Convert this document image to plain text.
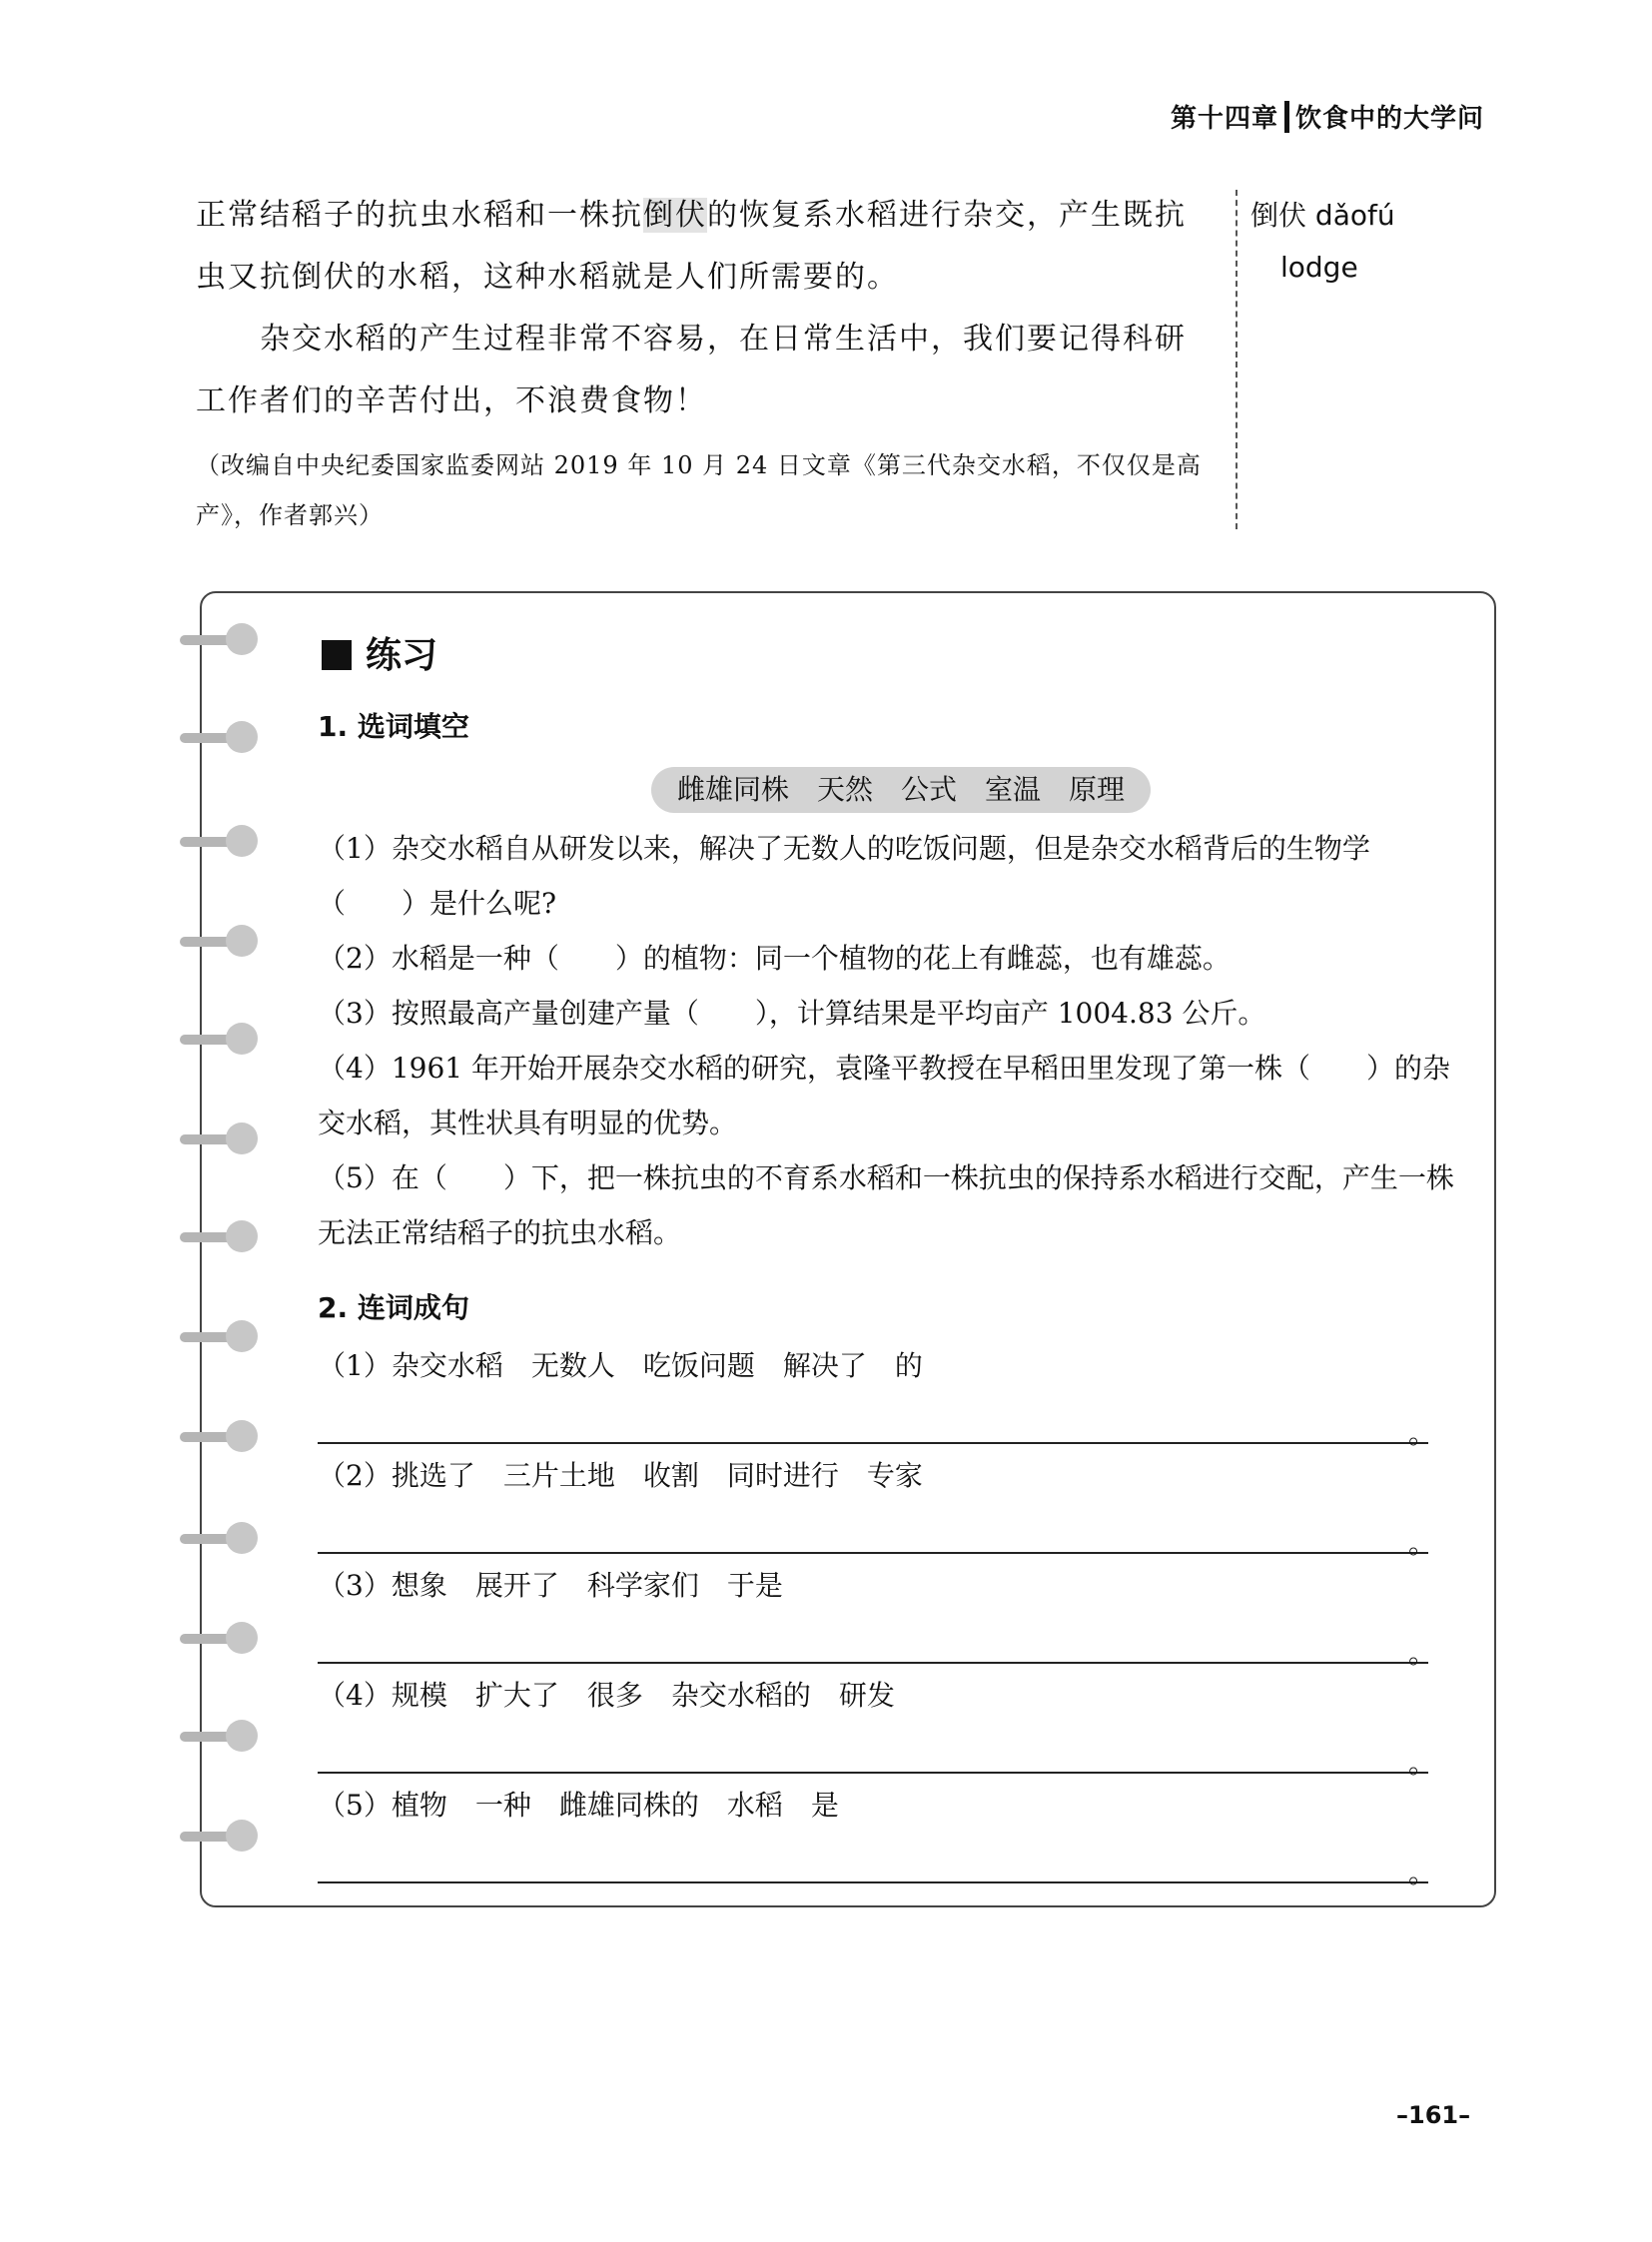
第十四章 饮食中的大学问

正常结稻子的抗虫水稻和一株抗倒伏的恢复系水稻进行杂交，产生既抗虫又抗倒伏的水稻，这种水稻就是人们所需要的。

杂交水稻的产生过程非常不容易，在日常生活中，我们要记得科研工作者们的辛苦付出，不浪费食物！

（改编自中央纪委国家监委网站 2019 年 10 月 24 日文章《第三代杂交水稻，不仅仅是高产》，作者郭兴）

倒伏 dǎofú
lodge
练习
1. 选词填空
雌雄同株　天然　公式　室温　原理

（1）杂交水稻自从研发以来，解决了无数人的吃饭问题，但是杂交水稻背后的生物学（　　）是什么呢?

（2）水稻是一种（　　）的植物：同一个植物的花上有雌蕊，也有雄蕊。

（3）按照最高产量创建产量（　　），计算结果是平均亩产 1004.83 公斤。

（4）1961 年开始开展杂交水稻的研究，袁隆平教授在早稻田里发现了第一株（　　）的杂交水稻，其性状具有明显的优势。

（5）在（　　）下，把一株抗虫的不育系水稻和一株抗虫的保持系水稻进行交配，产生一株无法正常结稻子的抗虫水稻。

2. 连词成句

（1）杂交水稻　无数人　吃饭问题　解决了　的

。

（2）挑选了　三片土地　收割　同时进行　专家

。

（3）想象　展开了　科学家们　于是

。

（4）规模　扩大了　很多　杂交水稻的　研发

。

（5）植物　一种　雌雄同株的　水稻　是

。
–161–
